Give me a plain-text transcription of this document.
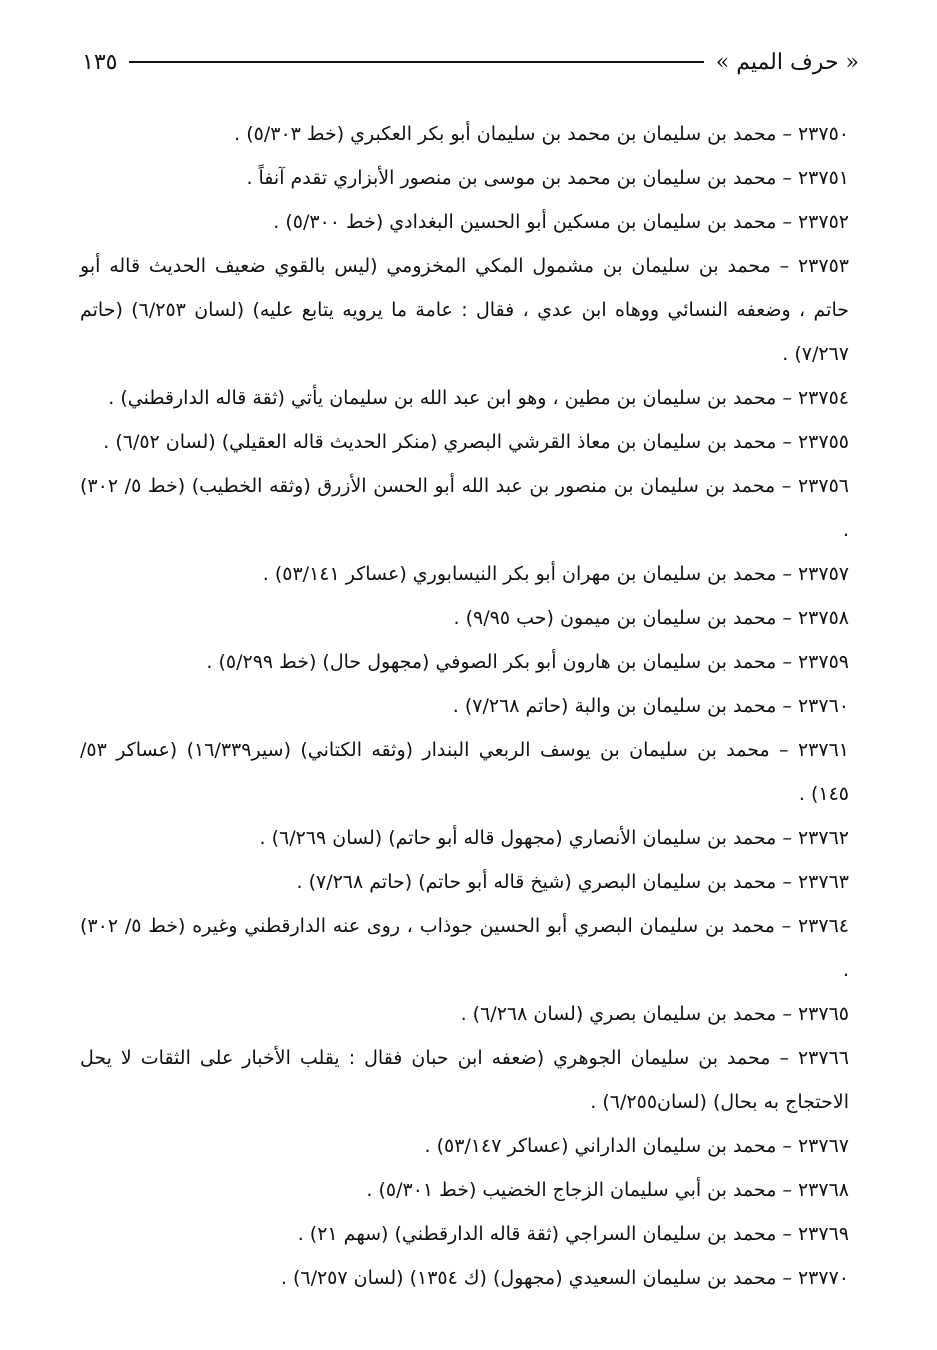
« حرف الميم »
١٣٥
٢٣٧٥٠ – محمد بن سليمان بن محمد بن سليمان أبو بكر العكبري (خط ٥/٣٠٣) .
٢٣٧٥١ – محمد بن سليمان بن محمد بن موسى بن منصور الأبزاري تقدم آنفاً .
٢٣٧٥٢ – محمد بن سليمان بن مسكين أبو الحسين البغدادي (خط ٥/٣٠٠) .
٢٣٧٥٣ – محمد بن سليمان بن مشمول المكي المخزومي (ليس بالقوي ضعيف الحديث قاله أبو حاتم ، وضعفه النسائي ووهاه ابن عدي ، فقال : عامة ما يرويه يتابع عليه) (لسان ٦/٢٥٣) (حاتم ٧/٢٦٧) .
٢٣٧٥٤ – محمد بن سليمان بن مطين ، وهو ابن عبد الله بن سليمان يأتي (ثقة قاله الدارقطني) .
٢٣٧٥٥ – محمد بن سليمان بن معاذ القرشي البصري (منكر الحديث قاله العقيلي) (لسان ٦/٥٢) .
٢٣٧٥٦ – محمد بن سليمان بن منصور بن عبد الله أبو الحسن الأزرق (وثقه الخطيب) (خط ٥/ ٣٠٢) .
٢٣٧٥٧ – محمد بن سليمان بن مهران أبو بكر النيسابوري (عساكر ٥٣/١٤١) .
٢٣٧٥٨ – محمد بن سليمان بن ميمون (حب ٩/٩٥) .
٢٣٧٥٩ – محمد بن سليمان بن هارون أبو بكر الصوفي (مجهول حال) (خط ٥/٢٩٩) .
٢٣٧٦٠ – محمد بن سليمان بن والبة (حاتم ٧/٢٦٨) .
٢٣٧٦١ – محمد بن سليمان بن يوسف الربعي البندار (وثقه الكتاني) (سير١٦/٣٣٩) (عساكر ٥٣/ ١٤٥) .
٢٣٧٦٢ – محمد بن سليمان الأنصاري (مجهول قاله أبو حاتم) (لسان ٦/٢٦٩) .
٢٣٧٦٣ – محمد بن سليمان البصري (شيخ قاله أبو حاتم) (حاتم ٧/٢٦٨) .
٢٣٧٦٤ – محمد بن سليمان البصري أبو الحسين جوذاب ، روى عنه الدارقطني وغيره (خط ٥/ ٣٠٢) .
٢٣٧٦٥ – محمد بن سليمان بصري (لسان ٦/٢٦٨) .
٢٣٧٦٦ – محمد بن سليمان الجوهري (ضعفه ابن حبان فقال : يقلب الأخبار على الثقات لا يحل الاحتجاج به بحال) (لسان٦/٢٥٥) .
٢٣٧٦٧ – محمد بن سليمان الداراني (عساكر ٥٣/١٤٧) .
٢٣٧٦٨ – محمد بن أبي سليمان الزجاج الخضيب (خط ٥/٣٠١) .
٢٣٧٦٩ – محمد بن سليمان السراجي (ثقة قاله الدارقطني) (سهم ٢١) .
٢٣٧٧٠ – محمد بن سليمان السعيدي (مجهول) (ك ١٣٥٤) (لسان ٦/٢٥٧) .
